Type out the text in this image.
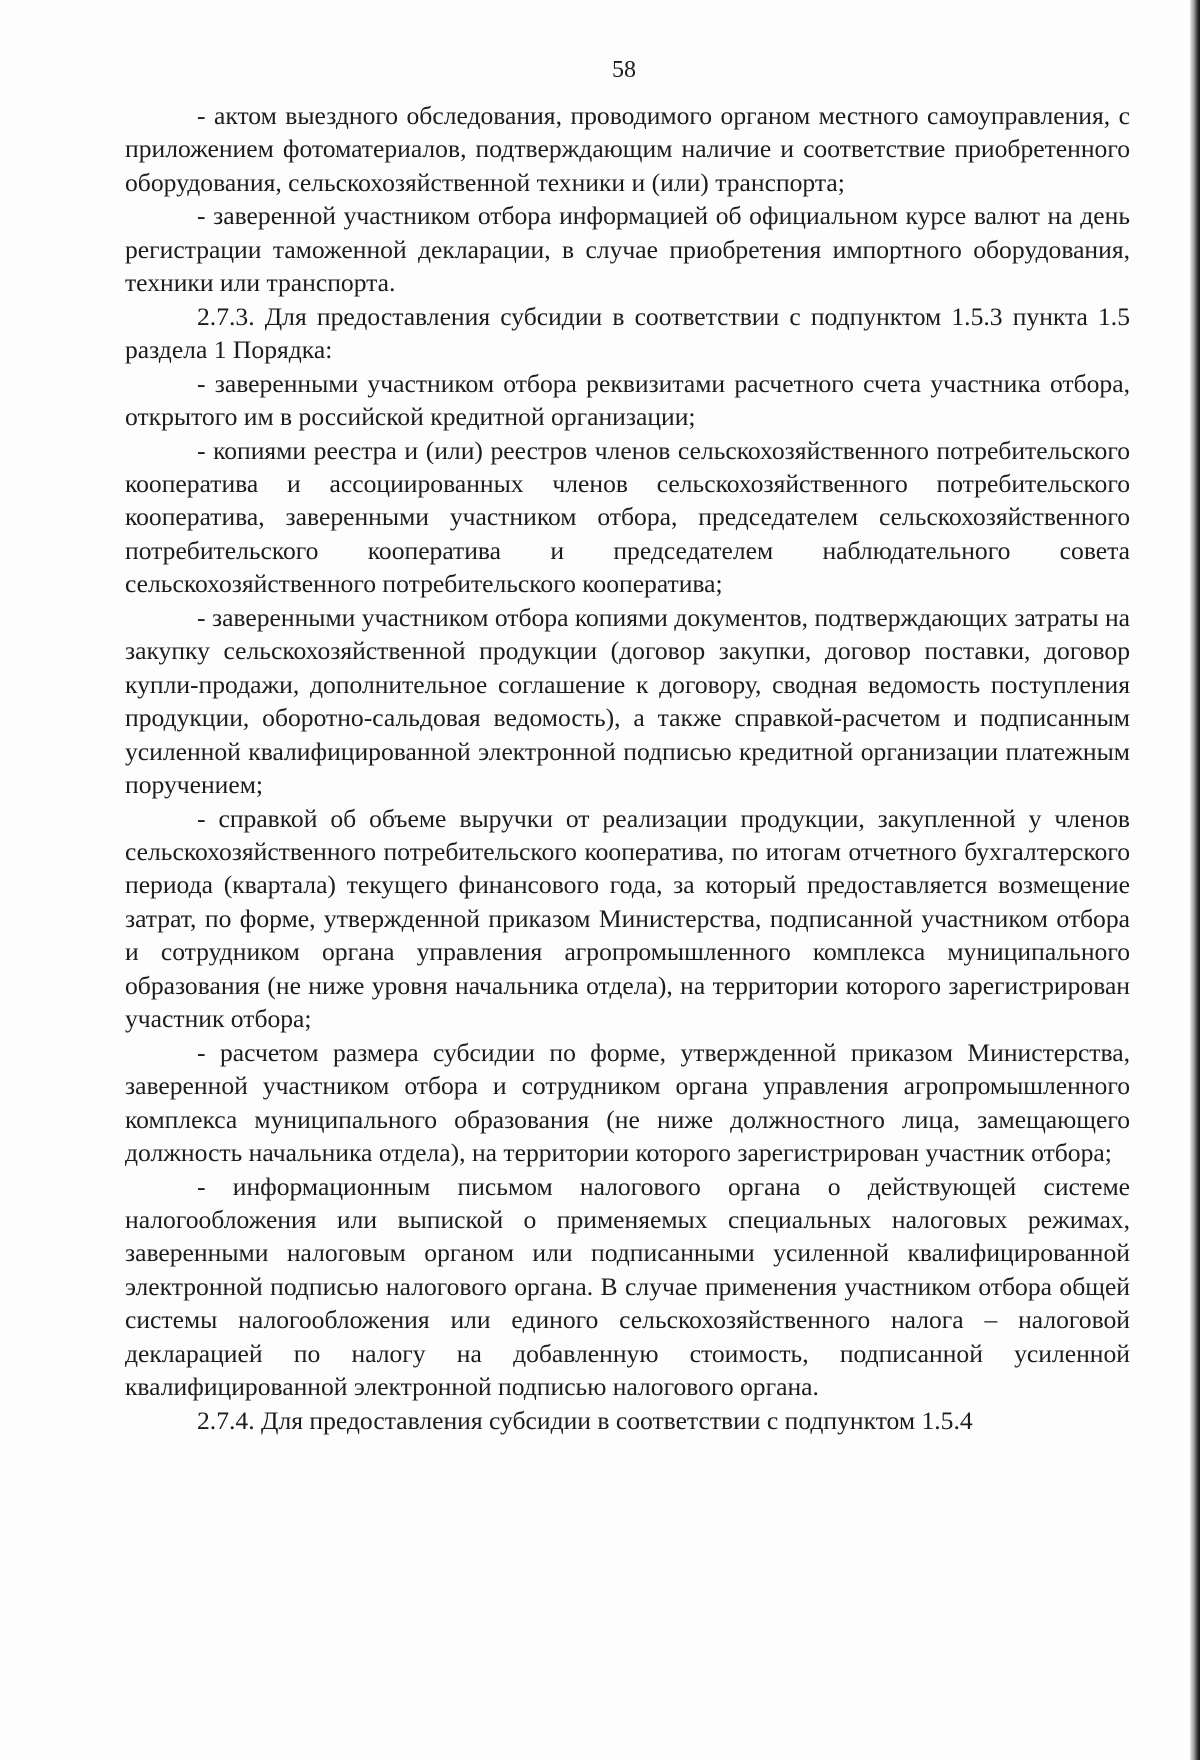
58

- актом выездного обследования, проводимого органом местного самоуправления, с приложением фотоматериалов, подтверждающим наличие и соответствие приобретенного оборудования, сельскохозяйственной техники и (или) транспорта;

- заверенной участником отбора информацией об официальном курсе валют на день регистрации таможенной декларации, в случае приобретения импортного оборудования, техники или транспорта.

2.7.3. Для предоставления субсидии в соответствии с подпунктом 1.5.3 пункта 1.5 раздела 1 Порядка:

- заверенными участником отбора реквизитами расчетного счета участника отбора, открытого им в российской кредитной организации;

- копиями реестра и (или) реестров членов сельскохозяйственного потребительского кооператива и ассоциированных членов сельскохозяйственного потребительского кооператива, заверенными участником отбора, председателем сельскохозяйственного потребительского кооператива и председателем наблюдательного совета сельскохозяйственного потребительского кооператива;

- заверенными участником отбора копиями документов, подтверждающих затраты на закупку сельскохозяйственной продукции (договор закупки, договор поставки, договор купли-продажи, дополнительное соглашение к договору, сводная ведомость поступления продукции, оборотно-сальдовая ведомость), а также справкой-расчетом и подписанным усиленной квалифицированной электронной подписью кредитной организации платежным поручением;

- справкой об объеме выручки от реализации продукции, закупленной у членов сельскохозяйственного потребительского кооператива, по итогам отчетного бухгалтерского периода (квартала) текущего финансового года, за который предоставляется возмещение затрат, по форме, утвержденной приказом Министерства, подписанной участником отбора и сотрудником органа управления агропромышленного комплекса муниципального образования (не ниже уровня начальника отдела), на территории которого зарегистрирован участник отбора;

- расчетом размера субсидии по форме, утвержденной приказом Министерства, заверенной участником отбора и сотрудником органа управления агропромышленного комплекса муниципального образования (не ниже должностного лица, замещающего должность начальника отдела), на территории которого зарегистрирован участник отбора;

- информационным письмом налогового органа о действующей системе налогообложения или выпиской о применяемых специальных налоговых режимах, заверенными налоговым органом или подписанными усиленной квалифицированной электронной подписью налогового органа. В случае применения участником отбора общей системы налогообложения или единого сельскохозяйственного налога – налоговой декларацией по налогу на добавленную стоимость, подписанной усиленной квалифицированной электронной подписью налогового органа.

2.7.4. Для предоставления субсидии в соответствии с подпунктом 1.5.4
